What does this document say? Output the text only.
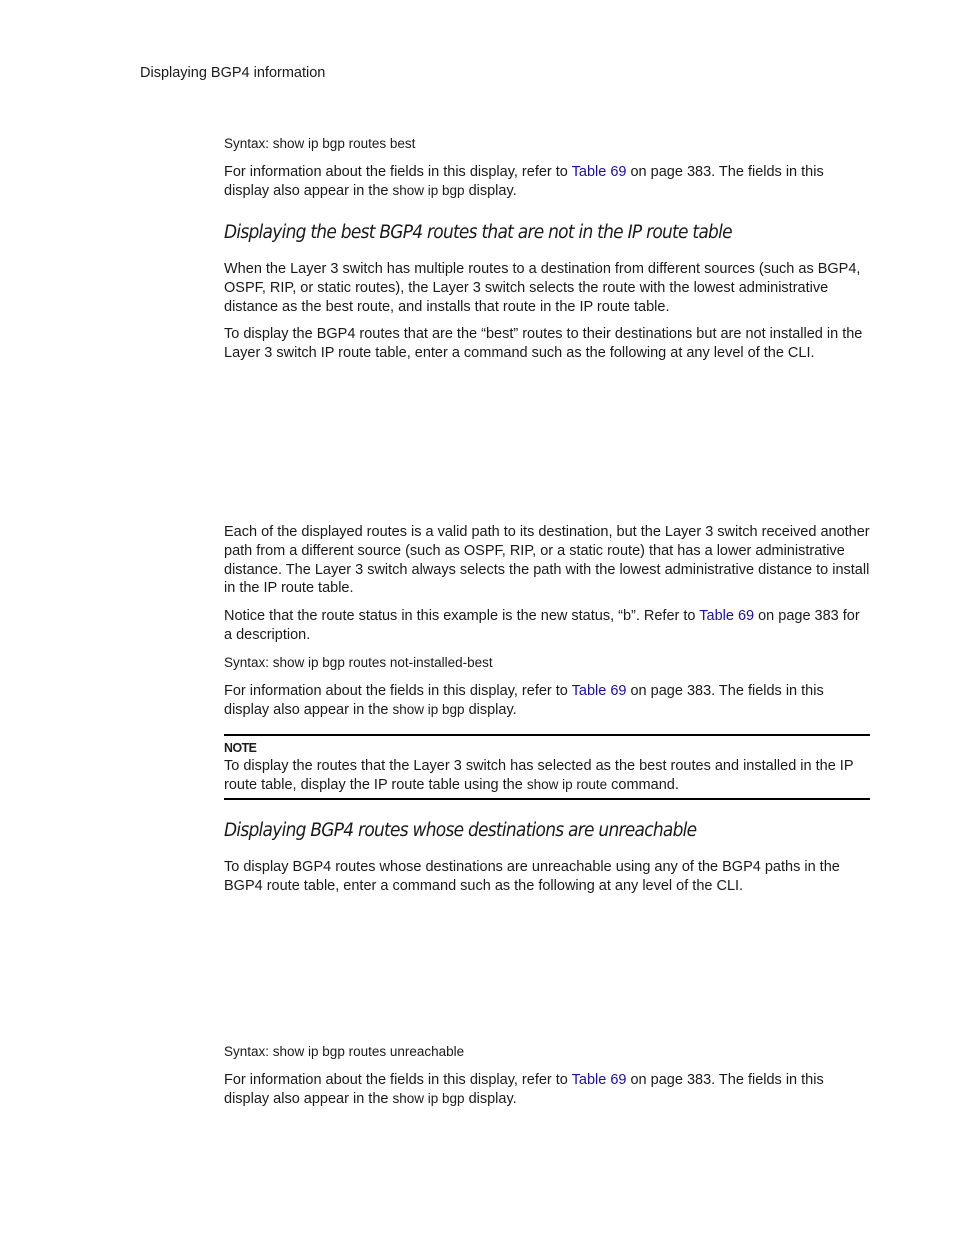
Displaying BGP4 information
Syntax: show ip bgp routes best

For information about the fields in this display, refer to Table 69 on page 383. The fields in this display also appear in the show ip bgp display.

Displaying the best BGP4 routes that are not in the IP route table

When the Layer 3 switch has multiple routes to a destination from different sources (such as BGP4, OSPF, RIP, or static routes), the Layer 3 switch selects the route with the lowest administrative distance as the best route, and installs that route in the IP route table.

To display the BGP4 routes that are the “best” routes to their destinations but are not installed in the Layer 3 switch IP route table, enter a command such as the following at any level of the CLI.

Each of the displayed routes is a valid path to its destination, but the Layer 3 switch received another path from a different source (such as OSPF, RIP, or a static route) that has a lower administrative distance. The Layer 3 switch always selects the path with the lowest administrative distance to install in the IP route table.

Notice that the route status in this example is the new status, “b”. Refer to Table 69 on page 383 for a description.

Syntax: show ip bgp routes not-installed-best

For information about the fields in this display, refer to Table 69 on page 383. The fields in this display also appear in the show ip bgp display.

NOTE

To display the routes that the Layer 3 switch has selected as the best routes and installed in the IP route table, display the IP route table using the show ip route command.

Displaying BGP4 routes whose destinations are unreachable

To display BGP4 routes whose destinations are unreachable using any of the BGP4 paths in the BGP4 route table, enter a command such as the following at any level of the CLI.

Syntax: show ip bgp routes unreachable

For information about the fields in this display, refer to Table 69 on page 383. The fields in this display also appear in the show ip bgp display.
